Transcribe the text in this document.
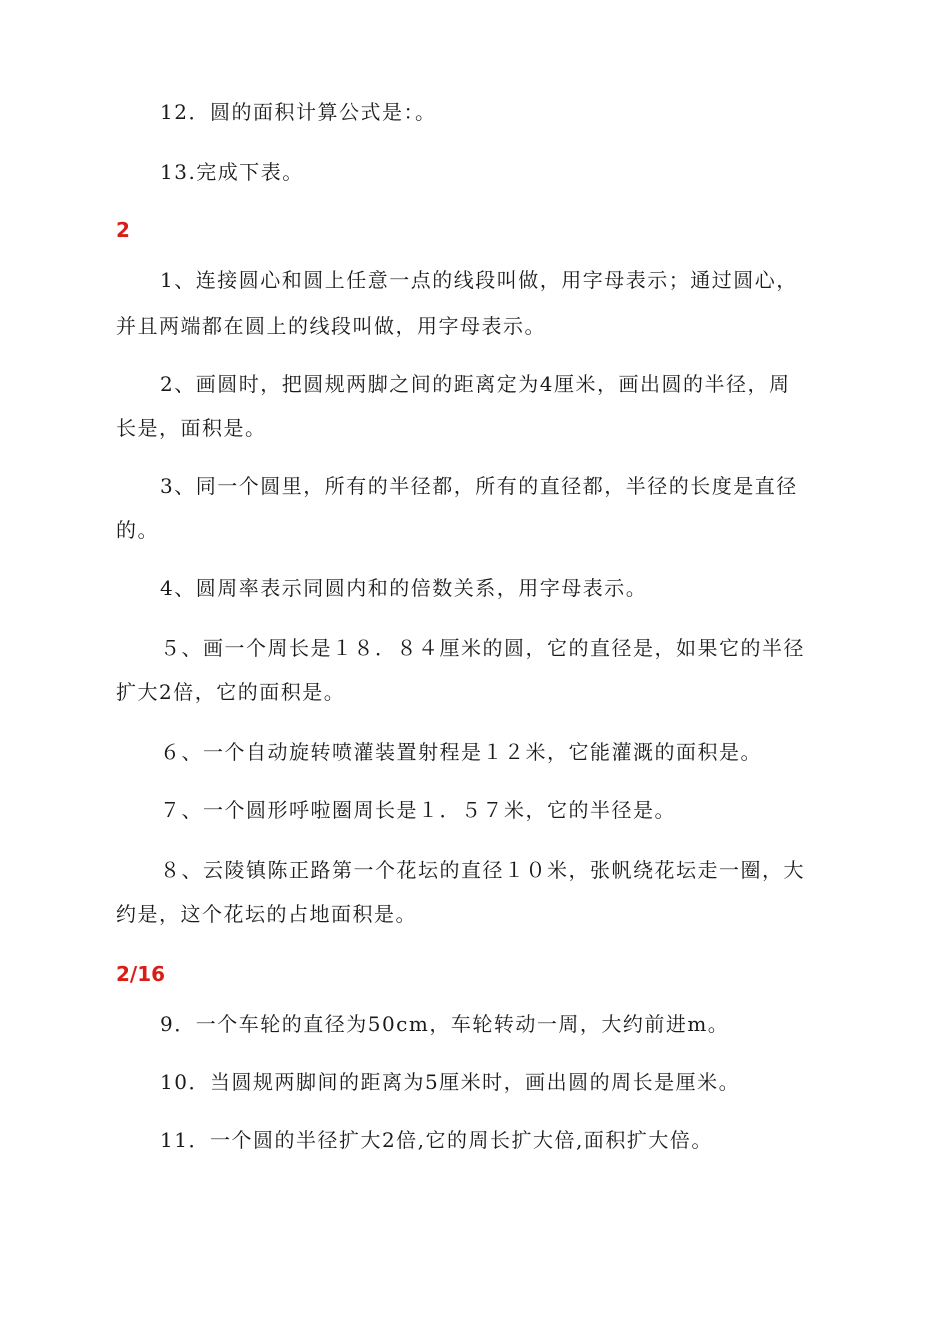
12．圆的面积计算公式是：。
13.完成下表。
2
1、连接圆心和圆上任意一点的线段叫做，用字母表示；通过圆心，
并且两端都在圆上的线段叫做，用字母表示。
2、画圆时，把圆规两脚之间的距离定为4厘米，画出圆的半径，周
长是，面积是。
3、同一个圆里，所有的半径都，所有的直径都，半径的长度是直径
的。
4、圆周率表示同圆内和的倍数关系，用字母表示。
５、画一个周长是１８．８４厘米的圆，它的直径是，如果它的半径
扩大2倍，它的面积是。
６、一个自动旋转喷灌装置射程是１２米，它能灌溉的面积是。
７、一个圆形呼啦圈周长是１．５７米，它的半径是。
８、云陵镇陈正路第一个花坛的直径１０米，张帆绕花坛走一圈，大
约是，这个花坛的占地面积是。
2/16
9．一个车轮的直径为50cm，车轮转动一周，大约前进m。
10．当圆规两脚间的距离为5厘米时，画出圆的周长是厘米。
11．一个圆的半径扩大2倍,它的周长扩大倍,面积扩大倍。
